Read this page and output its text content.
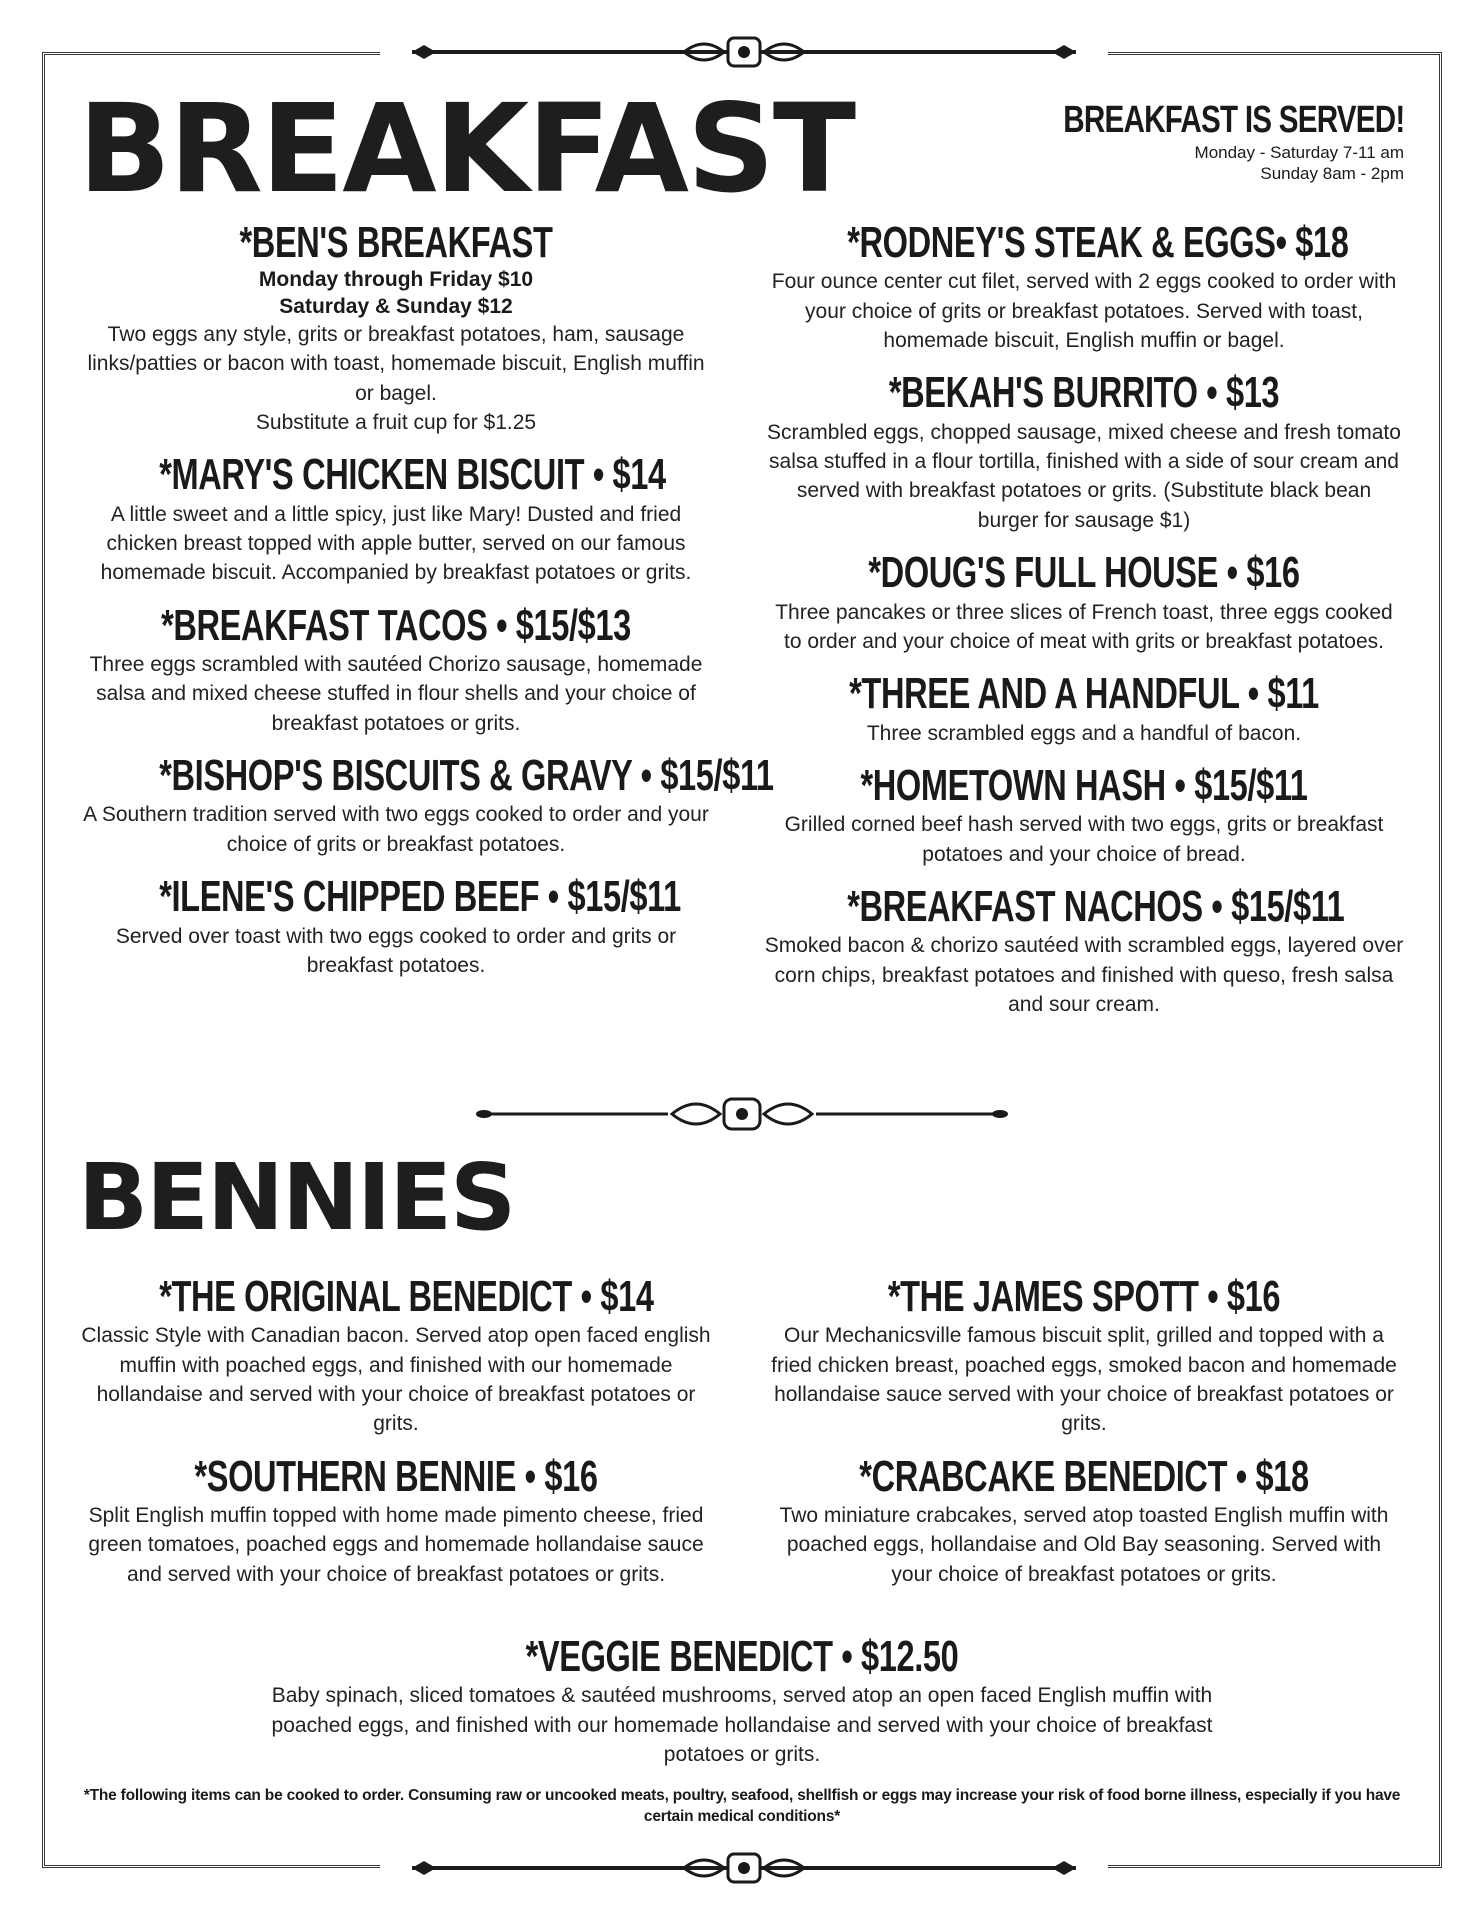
BREAKFAST	BREAKFAST IS SERVED!
Monday - Saturday 7-11 am
Sunday 8am - 2pm
*BEN'S BREAKFAST
Monday through Friday $10
Saturday & Sunday $12

Two eggs any style, grits or breakfast potatoes, ham, sausage links/patties or bacon with toast, homemade biscuit, English muffin or bagel.

Substitute a fruit cup for $1.25
*MARY'S CHICKEN BISCUIT • $14

A little sweet and a little spicy, just like Mary! Dusted and fried chicken breast topped with apple butter, served on our famous homemade biscuit. Accompanied by breakfast potatoes or grits.

*BREAKFAST TACOS • $15/$13

Three eggs scrambled with sautéed Chorizo sausage, homemade salsa and mixed cheese stuffed in flour shells and your choice of breakfast potatoes or grits.

*BISHOP'S BISCUITS & GRAVY • $15/$11

A Southern tradition served with two eggs cooked to order and your choice of grits or breakfast potatoes.

*ILENE'S CHIPPED BEEF • $15/$11

Served over toast with two eggs cooked to order and grits or breakfast potatoes.

*RODNEY'S STEAK & EGGS• $18

Four ounce center cut filet, served with 2 eggs cooked to order with your choice of grits or breakfast potatoes. Served with toast, homemade biscuit, English muffin or bagel.

*BEKAH'S BURRITO • $13

Scrambled eggs, chopped sausage, mixed cheese and fresh tomato salsa stuffed in a flour tortilla, finished with a side of sour cream and served with breakfast potatoes or grits. (Substitute black bean burger for sausage $1)

*DOUG'S FULL HOUSE • $16

Three pancakes or three slices of French toast, three eggs cooked to order and your choice of meat with grits or breakfast potatoes.

*THREE AND A HANDFUL • $11

Three scrambled eggs and a handful of bacon.

*HOMETOWN HASH • $15/$11

Grilled corned beef hash served with two eggs, grits or breakfast potatoes and your choice of bread.

*BREAKFAST NACHOS • $15/$11

Smoked bacon & chorizo sautéed with scrambled eggs, layered over corn chips, breakfast potatoes and finished with queso, fresh salsa and sour cream.

BENNIES
*THE ORIGINAL BENEDICT • $14

Classic Style with Canadian bacon. Served atop open faced english muffin with poached eggs, and finished with our homemade hollandaise and served with your choice of breakfast potatoes or grits.

*SOUTHERN BENNIE • $16

Split English muffin topped with home made pimento cheese, fried green tomatoes, poached eggs and homemade hollandaise sauce and served with your choice of breakfast potatoes or grits.

*THE JAMES SPOTT • $16

Our Mechanicsville famous biscuit split, grilled and topped with a fried chicken breast, poached eggs, smoked bacon and homemade hollandaise sauce served with your choice of breakfast potatoes or grits.

*CRABCAKE BENEDICT • $18

Two miniature crabcakes, served atop toasted English muffin with poached eggs, hollandaise and Old Bay seasoning. Served with your choice of breakfast potatoes or grits.

*VEGGIE BENEDICT • $12.50

Baby spinach, sliced tomatoes & sautéed mushrooms, served atop an open faced English muffin with poached eggs, and finished with our homemade hollandaise and served with your choice of breakfast potatoes or grits.

*The following items can be cooked to order. Consuming raw or uncooked meats, poultry, seafood, shellfish or eggs may increase your risk of food borne illness, especially if you have certain medical conditions*
